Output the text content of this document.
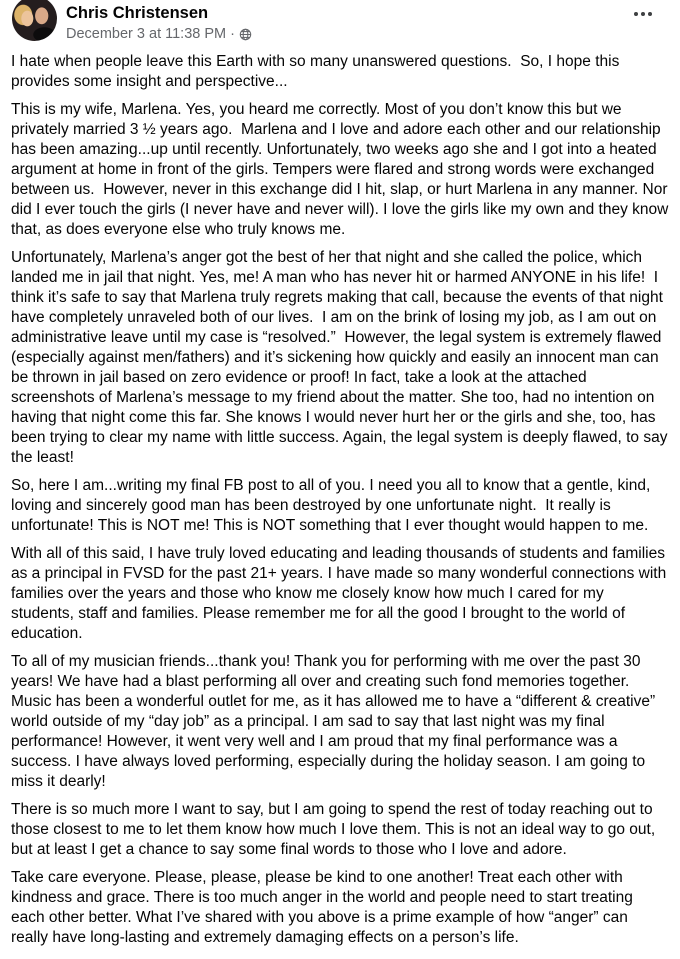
Chris Christensen
December 3 at 11:38 PM ·

I hate when people leave this Earth with so many unanswered questions.  So, I hope this provides some insight and perspective...

This is my wife, Marlena. Yes, you heard me correctly. Most of you don’t know this but we privately married 3 ½ years ago.  Marlena and I love and adore each other and our relationship has been amazing...up until recently. Unfortunately, two weeks ago she and I got into a heated argument at home in front of the girls. Tempers were flared and strong words were exchanged between us.  However, never in this exchange did I hit, slap, or hurt Marlena in any manner. Nor did I ever touch the girls (I never have and never will). I love the girls like my own and they know that, as does everyone else who truly knows me.

Unfortunately, Marlena’s anger got the best of her that night and she called the police, which landed me in jail that night. Yes, me! A man who has never hit or harmed ANYONE in his life!  I think it’s safe to say that Marlena truly regrets making that call, because the events of that night have completely unraveled both of our lives.  I am on the brink of losing my job, as I am out on administrative leave until my case is “resolved.”  However, the legal system is extremely flawed (especially against men/fathers) and it’s sickening how quickly and easily an innocent man can be thrown in jail based on zero evidence or proof! In fact, take a look at the attached screenshots of Marlena’s message to my friend about the matter. She too, had no intention on having that night come this far. She knows I would never hurt her or the girls and she, too, has been trying to clear my name with little success. Again, the legal system is deeply flawed, to say the least!

So, here I am...writing my final FB post to all of you. I need you all to know that a gentle, kind, loving and sincerely good man has been destroyed by one unfortunate night.  It really is unfortunate! This is NOT me! This is NOT something that I ever thought would happen to me.

With all of this said, I have truly loved educating and leading thousands of students and families as a principal in FVSD for the past 21+ years. I have made so many wonderful connections with families over the years and those who know me closely know how much I cared for my students, staff and families. Please remember me for all the good I brought to the world of education.

To all of my musician friends...thank you! Thank you for performing with me over the past 30 years! We have had a blast performing all over and creating such fond memories together. Music has been a wonderful outlet for me, as it has allowed me to have a “different & creative” world outside of my “day job” as a principal. I am sad to say that last night was my final performance! However, it went very well and I am proud that my final performance was a success. I have always loved performing, especially during the holiday season. I am going to miss it dearly!

There is so much more I want to say, but I am going to spend the rest of today reaching out to those closest to me to let them know how much I love them. This is not an ideal way to go out, but at least I get a chance to say some final words to those who I love and adore.

Take care everyone. Please, please, please be kind to one another! Treat each other with kindness and grace. There is too much anger in the world and people need to start treating each other better. What I’ve shared with you above is a prime example of how “anger” can really have long-lasting and extremely damaging effects on a person’s life.
